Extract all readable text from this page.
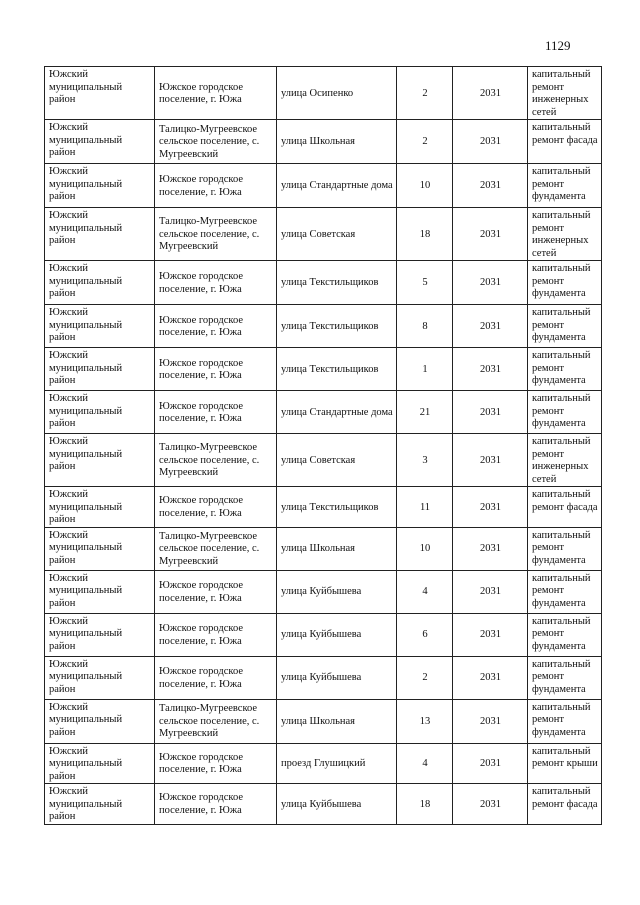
1129
Южский муниципальный район	Южское городское поселение, г. Южа	улица Осипенко	2	2031	капитальный ремонт инженерных сетей
Южский муниципальный район	Талицко-Мугреевское сельское поселение, с. Мугреевский	улица Школьная	2	2031	капитальный ремонт фасада
Южский муниципальный район	Южское городское поселение, г. Южа	улица Стандартные дома	10	2031	капитальный ремонт фундамента
Южский муниципальный район	Талицко-Мугреевское сельское поселение, с. Мугреевский	улица Советская	18	2031	капитальный ремонт инженерных сетей
Южский муниципальный район	Южское городское поселение, г. Южа	улица Текстильщиков	5	2031	капитальный ремонт фундамента
Южский муниципальный район	Южское городское поселение, г. Южа	улица Текстильщиков	8	2031	капитальный ремонт фундамента
Южский муниципальный район	Южское городское поселение, г. Южа	улица Текстильщиков	1	2031	капитальный ремонт фундамента
Южский муниципальный район	Южское городское поселение, г. Южа	улица Стандартные дома	21	2031	капитальный ремонт фундамента
Южский муниципальный район	Талицко-Мугреевское сельское поселение, с. Мугреевский	улица Советская	3	2031	капитальный ремонт инженерных сетей
Южский муниципальный район	Южское городское поселение, г. Южа	улица Текстильщиков	11	2031	капитальный ремонт фасада
Южский муниципальный район	Талицко-Мугреевское сельское поселение, с. Мугреевский	улица Школьная	10	2031	капитальный ремонт фундамента
Южский муниципальный район	Южское городское поселение, г. Южа	улица Куйбышева	4	2031	капитальный ремонт фундамента
Южский муниципальный район	Южское городское поселение, г. Южа	улица Куйбышева	6	2031	капитальный ремонт фундамента
Южский муниципальный район	Южское городское поселение, г. Южа	улица Куйбышева	2	2031	капитальный ремонт фундамента
Южский муниципальный район	Талицко-Мугреевское сельское поселение, с. Мугреевский	улица Школьная	13	2031	капитальный ремонт фундамента
Южский муниципальный район	Южское городское поселение, г. Южа	проезд Глушицкий	4	2031	капитальный ремонт крыши
Южский муниципальный район	Южское городское поселение, г. Южа	улица Куйбышева	18	2031	капитальный ремонт фасада
